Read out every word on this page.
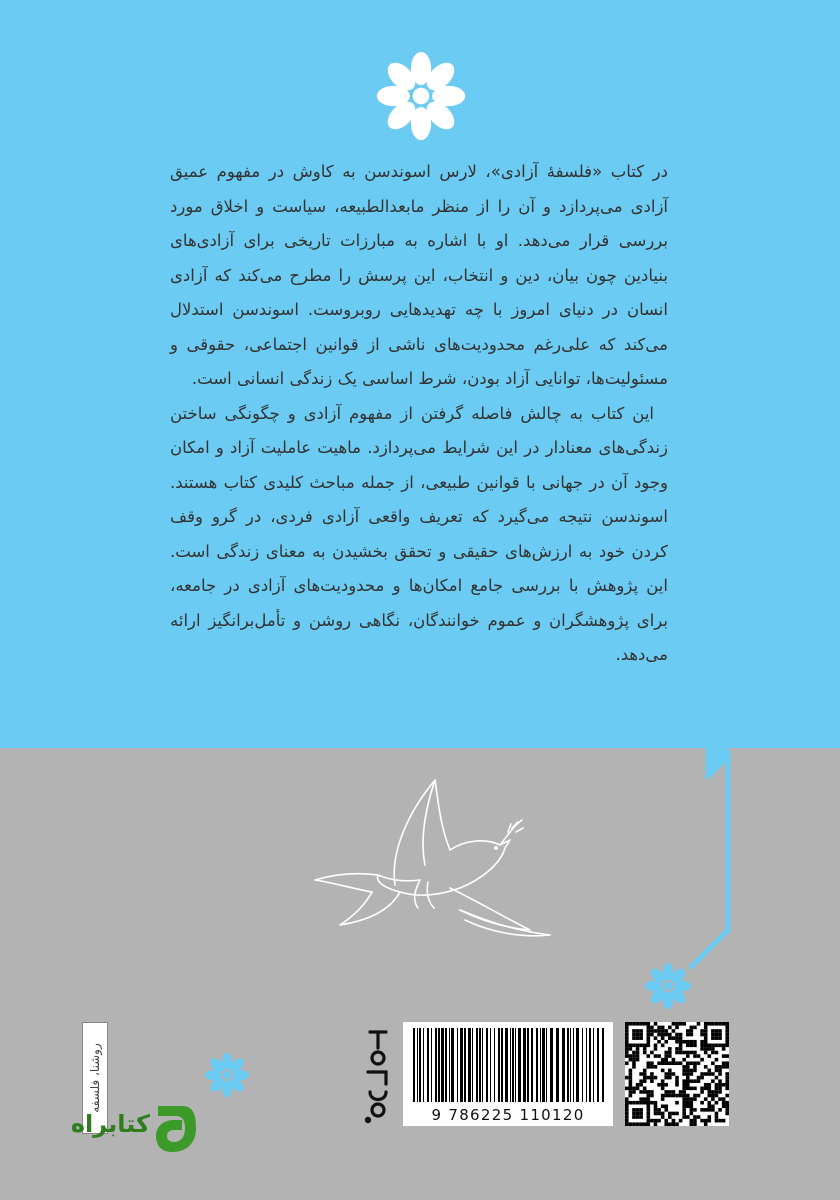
در کتاب «فلسفهٔ آزادی»، لارس اسوندسن به کاوش در مفهوم عمیق آزادی می‌پردازد و آن را از منظر مابعدالطبیعه، سیاست و اخلاق مورد بررسی قرار می‌دهد. او با اشاره به مبارزات تاریخی برای آزادی‌های بنیادین چون بیان، دین و انتخاب، این پرسش را مطرح می‌کند که آزادی انسان در دنیای امروز با چه تهدیدهایی روبروست. اسوندسن استدلال می‌کند که علی‌رغم محدودیت‌های ناشی از قوانین اجتماعی، حقوقی و مسئولیت‌ها، توانایی آزاد بودن، شرط اساسی یک زندگی انسانی است.

این کتاب به چالش فاصله گرفتن از مفهوم آزادی و چگونگی ساختن زندگی‌های معنادار در این شرایط می‌پردازد. ماهیت عاملیت آزاد و امکان وجود آن در جهانی با قوانین طبیعی، از جمله مباحث کلیدی کتاب هستند. اسوندسن نتیجه می‌گیرد که تعریف واقعی آزادی فردی، در گرو وقف کردن خود به ارزش‌های حقیقی و تحقق بخشیدن به معنای زندگی است. این پژوهش با بررسی جامع امکان‌ها و محدودیت‌های آزادی در جامعه، برای پژوهشگران و عموم خوانندگان، نگاهی روشن و تأمل‌برانگیز ارائه می‌دهد.

9 786225 110120
روشنا، فلسفه
کتابراه
